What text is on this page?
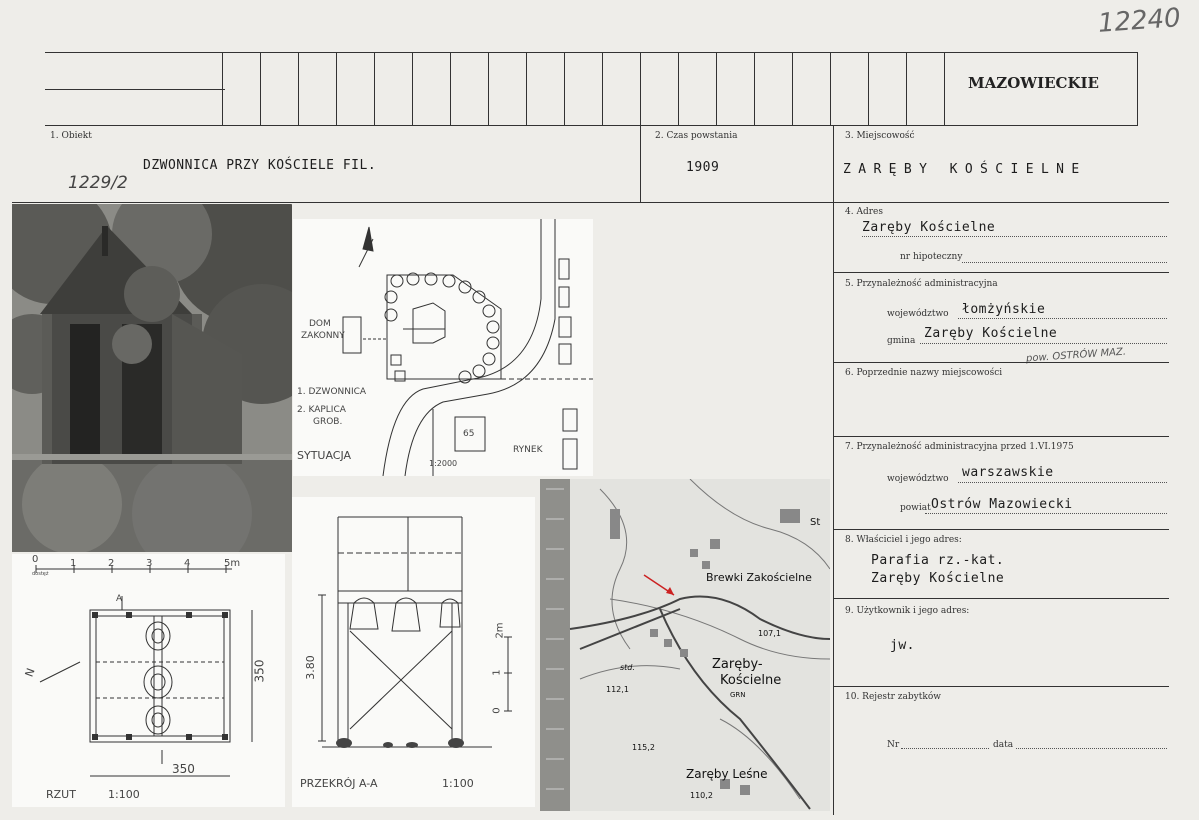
12240
MAZOWIECKIE
1. Obiekt
DZWONNICA PRZY KOŚCIELE FIL.
1229/2
2. Czas powstania
1909
3. Miejscowość
ZARĘBY KOŚCIELNE
4. Adres
Zaręby Kościelne
nr hipoteczny
5. Przynależność administracyjna
województwo łomżyńskie
gmina Zaręby Kościelne
pow. OSTRÓW MAZ.
6. Poprzednie nazwy miejscowości
7. Przynależność administracyjna przed 1.VI.1975
województwo warszawskie
powiat Ostrów Mazowiecki
8. Właściciel i jego adres:
Parafia rz.-kat.
Zaręby Kościelne
9. Użytkownik i jego adres:
jw.
10. Rejestr zabytków
Nr	data
DOM
ZAKONNY
1. DZWONNICA
2. KAPLICA
GROB.
SYTUACJA
1:2000
RYNEK
65
0	1	2	3	4	5m
dostęż
A
N	350
350
RZUT	1:100
3.80
0
1
2m
PRZEKRÓJ A-A	1:100
Brewki Zakościelne
107,1
Zaręby-
Kościelne
GRN
112,1
115,2
Zaręby Leśne
110,2
St
std.
